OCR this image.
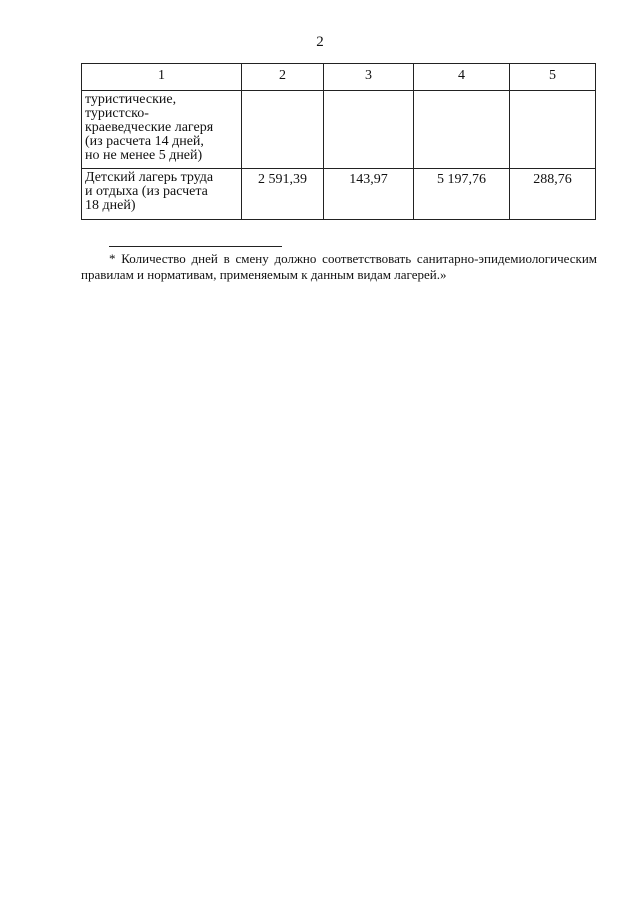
2
1	2	3	4	5

туристические,
туристско-
краеведческие лагеря
(из расчета 14 дней,
но не менее 5 дней)				

Детский лагерь труда
и отдыха (из расчета
18 дней)	2 591,39	143,97	5 197,76	288,76
* Количество дней в смену должно соответствовать санитарно-эпидемиологическим
правилам и нормативам, применяемым к данным видам лагерей.»
